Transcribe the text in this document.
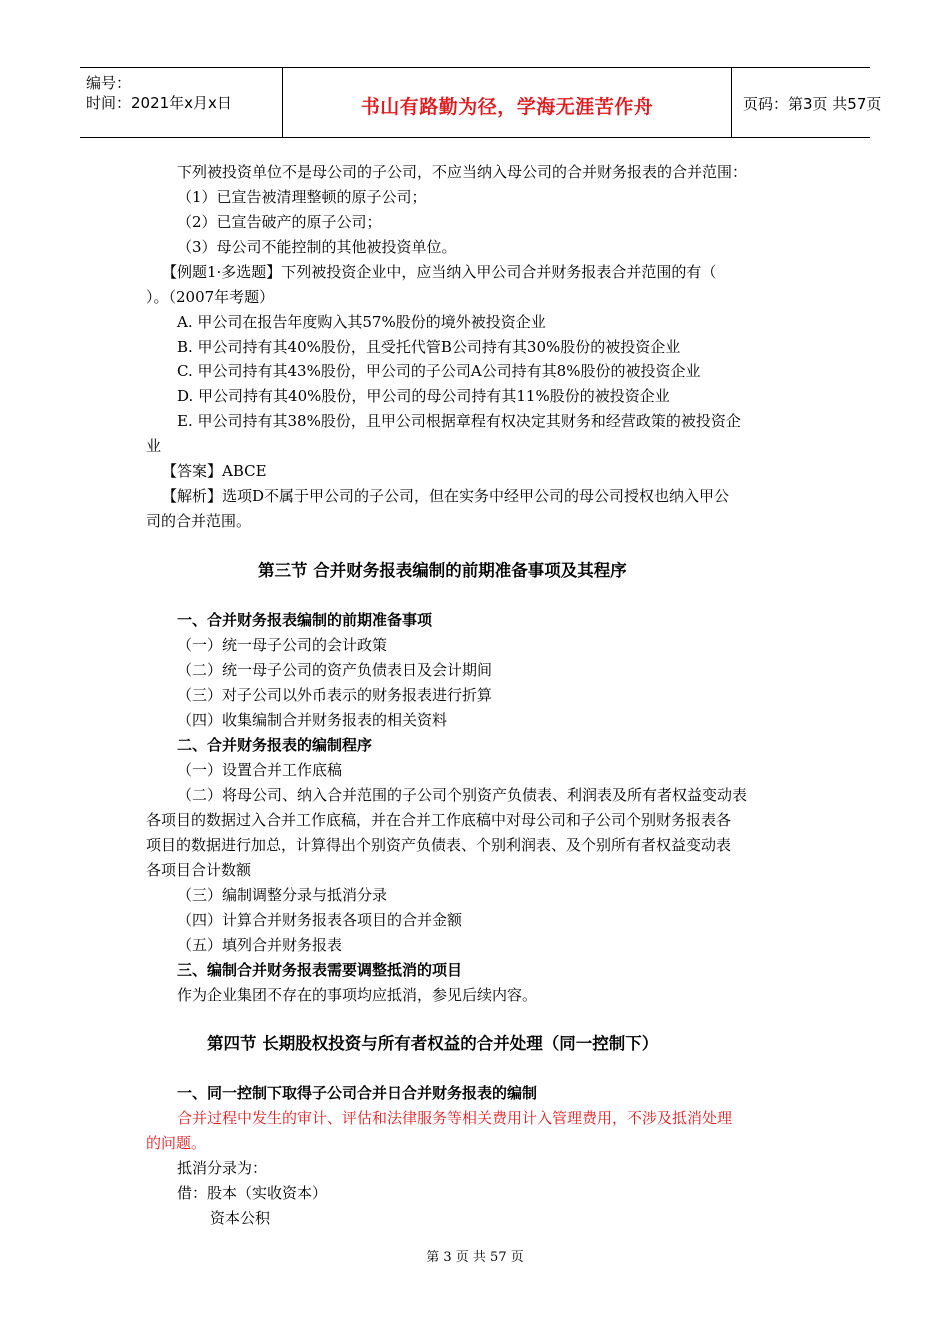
编号：
时间：2021年x月x日	书山有路勤为径，学海无涯苦作舟	页码：第3页 共57页
下列被投资单位不是母公司的子公司，不应当纳入母公司的合并财务报表的合并范围：
（1）已宣告被清理整顿的原子公司；
（2）已宣告破产的原子公司；
（3）母公司不能控制的其他被投资单位。
【例题1·多选题】下列被投资企业中，应当纳入甲公司合并财务报表合并范围的有（
）。（2007年考题）
A. 甲公司在报告年度购入其57%股份的境外被投资企业
B. 甲公司持有其40%股份，且受托代管B公司持有其30%股份的被投资企业
C. 甲公司持有其43%股份，甲公司的子公司A公司持有其8%股份的被投资企业
D. 甲公司持有其40%股份，甲公司的母公司持有其11%股份的被投资企业
E. 甲公司持有其38%股份，且甲公司根据章程有权决定其财务和经营政策的被投资企
业
【答案】ABCE
【解析】选项D不属于甲公司的子公司，但在实务中经甲公司的母公司授权也纳入甲公
司的合并范围。
第三节 合并财务报表编制的前期准备事项及其程序
一、合并财务报表编制的前期准备事项
（一）统一母子公司的会计政策
（二）统一母子公司的资产负债表日及会计期间
（三）对子公司以外币表示的财务报表进行折算
（四）收集编制合并财务报表的相关资料
二、合并财务报表的编制程序
（一）设置合并工作底稿
（二）将母公司、纳入合并范围的子公司个别资产负债表、利润表及所有者权益变动表
各项目的数据过入合并工作底稿，并在合并工作底稿中对母公司和子公司个别财务报表各
项目的数据进行加总，计算得出个别资产负债表、个别利润表、及个别所有者权益变动表
各项目合计数额
（三）编制调整分录与抵消分录
（四）计算合并财务报表各项目的合并金额
（五）填列合并财务报表
三、编制合并财务报表需要调整抵消的项目
作为企业集团不存在的事项均应抵消，参见后续内容。
第四节 长期股权投资与所有者权益的合并处理（同一控制下）
一、同一控制下取得子公司合并日合并财务报表的编制
合并过程中发生的审计、评估和法律服务等相关费用计入管理费用，不涉及抵消处理
的问题。
抵消分录为：
借：股本（实收资本）
资本公积
第 3 页 共 57 页
